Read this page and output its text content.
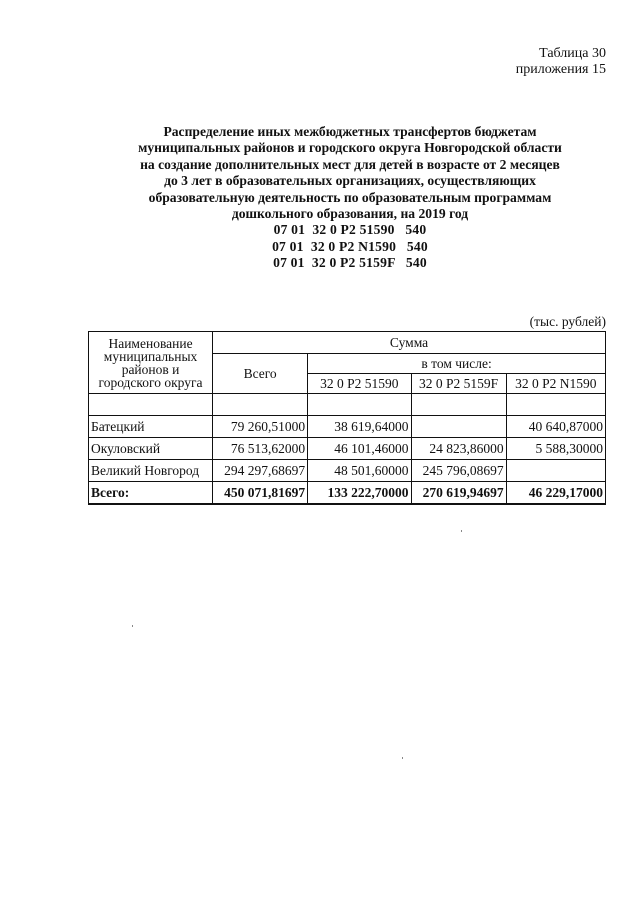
Таблица 30
приложения 15
Распределение иных межбюджетных трансфертов бюджетам
муниципальных районов и городского округа Новгородской области
на создание дополнительных мест для детей в возрасте от 2 месяцев
до 3 лет в образовательных организациях, осуществляющих
образовательную деятельность по образовательным программам
дошкольного образования, на 2019 год
07 01  32 0 P2 51590   540
07 01  32 0 P2 N1590   540
07 01  32 0 P2 5159F   540
(тыс. рублей)
Наименование муниципальных районов и городского округа	Сумма			
	Всего	в том числе:		
		32 0 P2 51590	32 0 P2 5159F	32 0 P2 N1590

Батецкий	79 260,51000	38 619,64000		40 640,87000
Окуловский	76 513,62000	46 101,46000	24 823,86000	5 588,30000
Великий Новгород	294 297,68697	48 501,60000	245 796,08697	
Всего:	450 071,81697	133 222,70000	270 619,94697	46 229,17000
